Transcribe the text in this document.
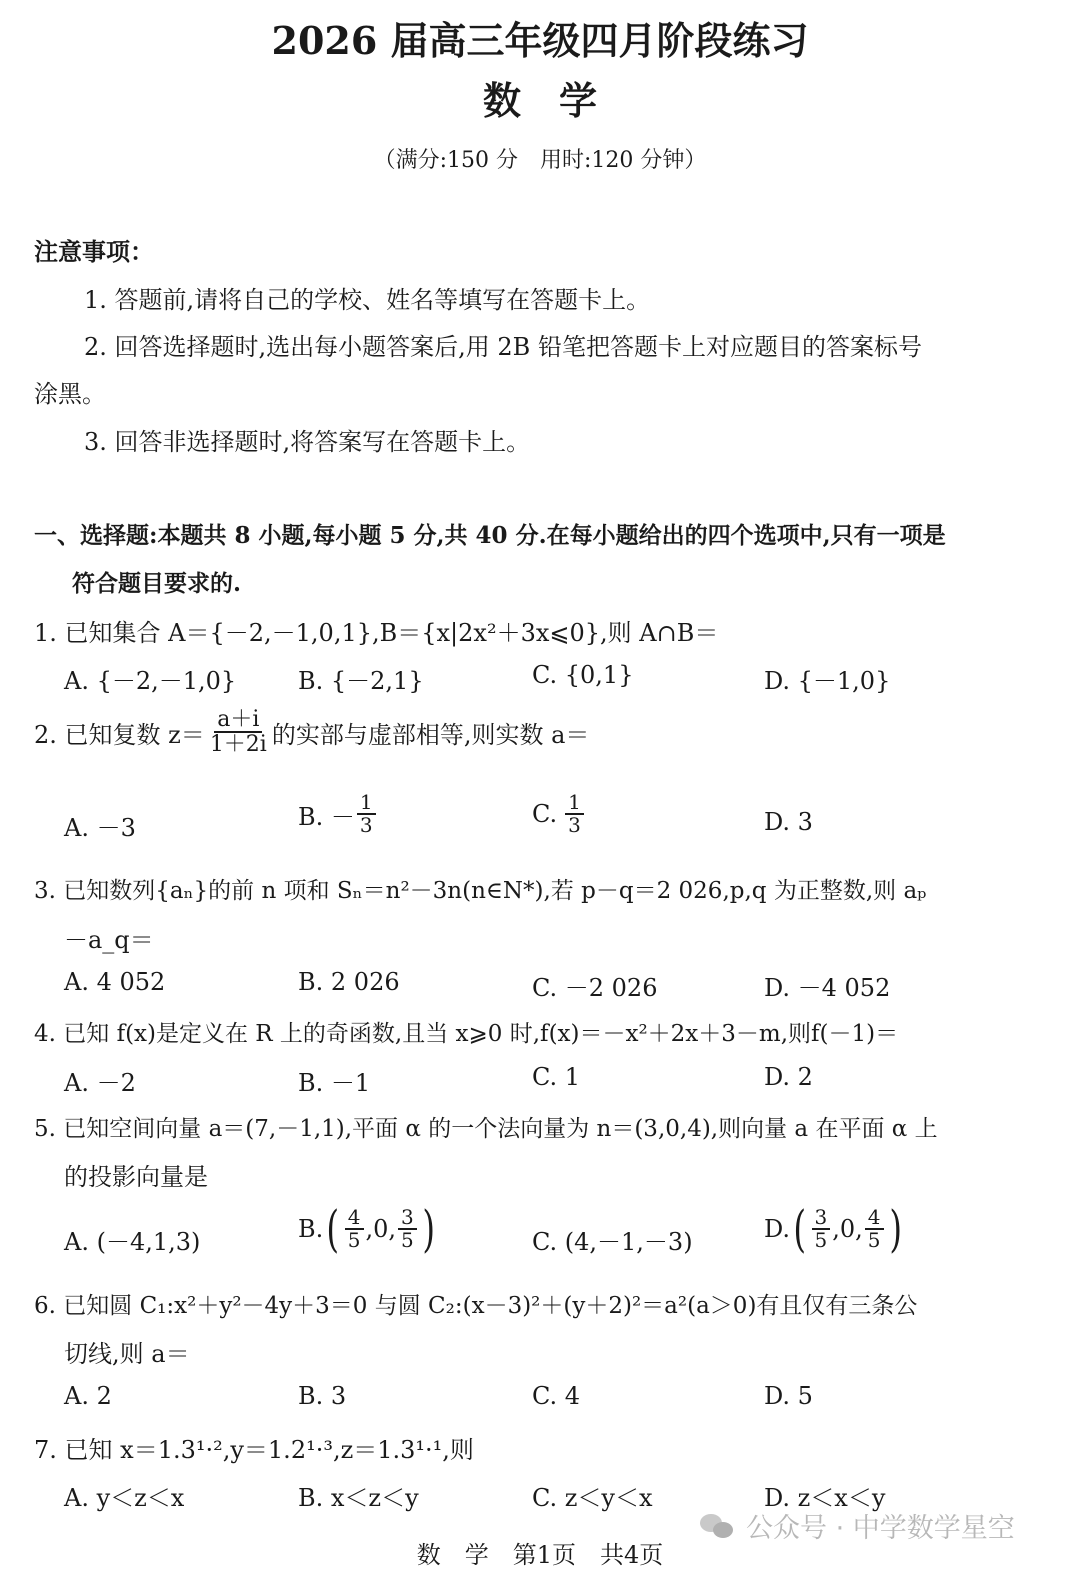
2026 届高三年级四月阶段练习
数　学
（满分:150 分　用时:120 分钟）
注意事项：
1. 答题前,请将自己的学校、姓名等填写在答题卡上。
2. 回答选择题时,选出每小题答案后,用 2B 铅笔把答题卡上对应题目的答案标号
涂黑。
3. 回答非选择题时,将答案写在答题卡上。
一、选择题:本题共 8 小题,每小题 5 分,共 40 分.在每小题给出的四个选项中,只有一项是
符合题目要求的.
1. 已知集合 A＝{－2,－1,0,1},B＝{x|2x²＋3x⩽0},则 A∩B＝
A. {－2,－1,0}	B. {－2,1}	C. {0,1}	D. {－1,0}
2. 已知复数 $z= \frac{a+i}{1+2i}$ 的实部与虚部相等,则实数 a＝
A. －3	B. － $\frac{1}{3}$	C. $\frac{1}{3}$	D. 3
3. 已知数列{aₙ}的前 n 项和 Sₙ＝n²－3n(n∈N*),若 p－q＝2 026,p,q 为正整数,则 aₚ
－a_q＝
A. 4 052	B. 2 026	C. －2 026	D. －4 052
4. 已知 f(x)是定义在 R 上的奇函数,且当 x⩾0 时,f(x)＝－x²＋2x＋3－m,则f(－1)＝
A. －2	B. －1	C. 1	D. 2
5. 已知空间向量 a＝(7,－1,1),平面 α 的一个法向量为 n＝(3,0,4),则向量 a 在平面 α 上
的投影向量是
A. (－4,1,3)	B. ( $\frac{4}{5} ,0$, $\frac{3}{5}$ )	C. (4,－1,－3)	D. ( $\frac{3}{5} ,0$, $\frac{4}{5}$ )
6. 已知圆 C₁:x²＋y²－4y＋3＝0 与圆 C₂:(x－3)²＋(y＋2)²＝a²(a＞0)有且仅有三条公
切线,则 a＝
A. 2	B. 3	C. 4	D. 5
7. 已知 x＝1.3¹·²,y＝1.2¹·³,z＝1.3¹·¹,则
A. y＜z＜x	B. x＜z＜y	C. z＜y＜x	D. z＜x＜y
公众号 · 中学数学星空
数　学　第1页　共4页
